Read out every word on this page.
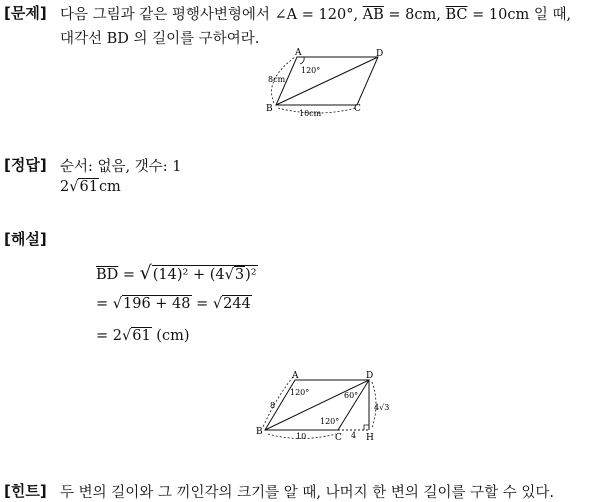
[문제] 다음 그림과 같은 평행사변형에서 ∠A = 120°, $\overline{AB} = 8cm$, $\overline{BC} = 10cm$ 일 때,
대각선 BD 의 길이를 구하여라.
A	D
B	C
120°
8cm
10cm
[정답] 순서: 없음, 갯수: 1
2√61cm
[해설]
$\overline{BD} = √(14)^2 + (4√3)^2$
= √196 + 48 = √244
= 2√61 (cm)
A	D
B
C	H
120°
120°
60°
8
10	4
4√3
[힌트] 두 변의 길이와 그 끼인각의 크기를 알 때, 나머지 한 변의 길이를 구할 수 있다.
